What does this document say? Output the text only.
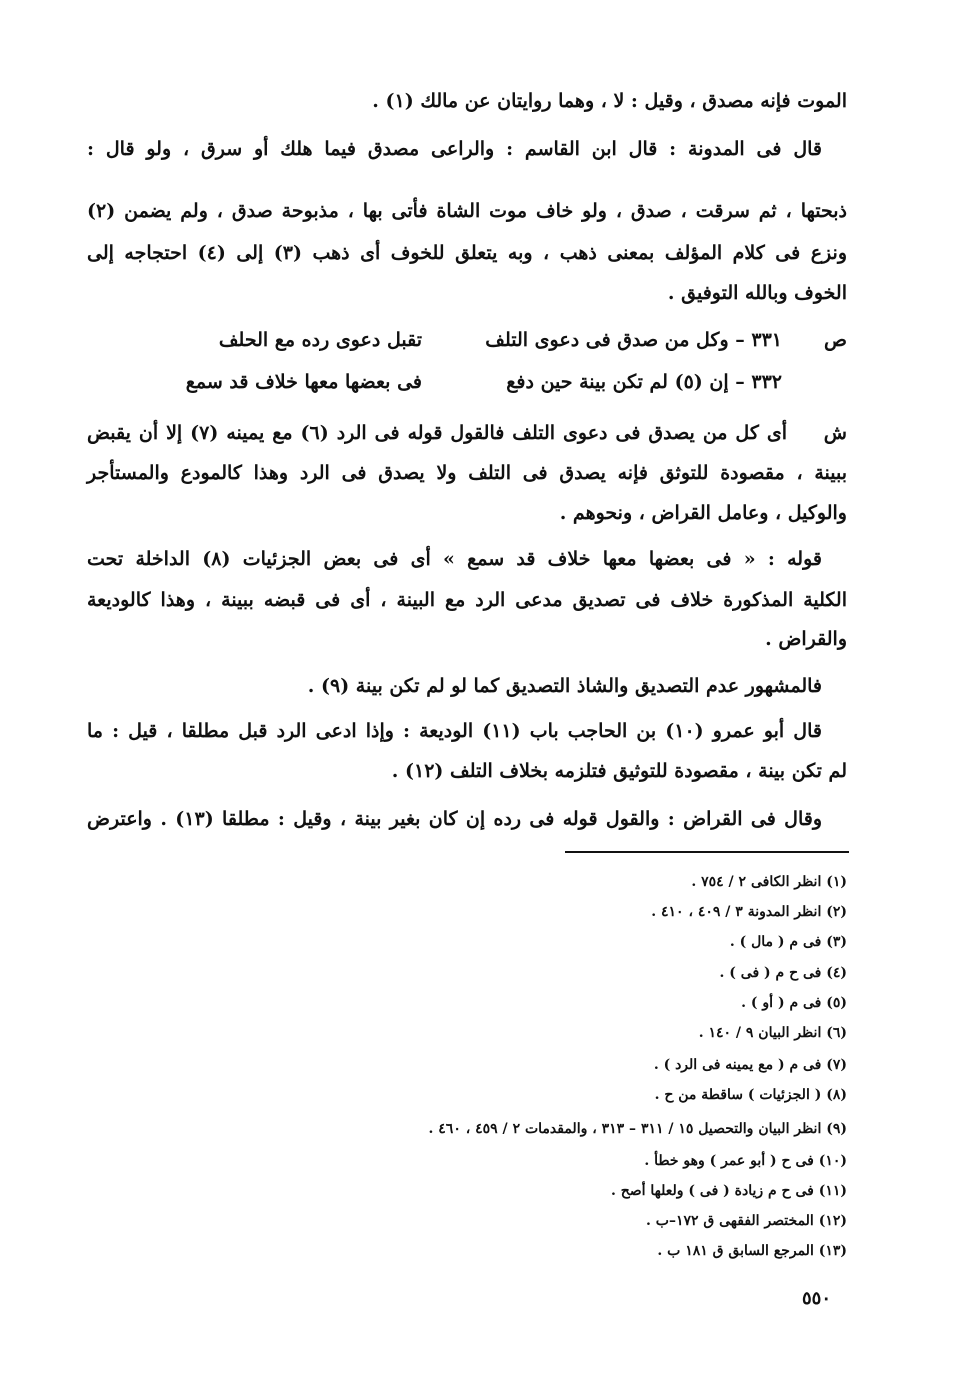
الموت فإنه مصدق ، وقيل : لا ، وهما روايتان عن مالك (١) .
قال فى المدونة : قال ابن القاسم : والراعى مصدق فيما هلك أو سرق ، ولو قال :
ذبحتها ، ثم سرقت ، صدق ، ولو خاف موت الشاة فأتى بها ، مذبوحة صدق ، ولم يضمن (٢)
ونزع فى كلام المؤلف بمعنى ذهب ، وبه يتعلق للخوف أى ذهب (٣) إلى (٤) احتجاجه إلى
الخوف وبالله التوفيق .
ص
٣٣١ – وكل من صدق فى دعوى التلف
تقبل دعوى رده مع الحلف
٣٣٢ – إن (٥) لم تكن بينة حين دفع
فى بعضها معها خلاف قد سمع
ش
أى كل من يصدق فى دعوى التلف فالقول قوله فى الرد (٦) مع يمينه (٧) إلا أن يقبض
ببينة ، مقصودة للتوثق فإنه يصدق فى التلف ولا يصدق فى الرد وهذا كالمودع والمستأجر
والوكيل ، وعامل القراض ، ونحوهم .
قوله : « فى بعضها معها خلاف قد سمع » أى فى بعض الجزئيات (٨) الداخلة تحت
الكلية المذكورة خلاف فى تصديق مدعى الرد مع البينة ، أى فى قبضه ببينة ، وهذا كالوديعة
والقراض .
فالمشهور عدم التصديق والشاذ التصديق كما لو لم تكن بينة (٩) .
قال أبو عمرو (١٠) بن الحاجب باب (١١) الوديعة : وإذا ادعى الرد قبل مطلقا ، قيل : ما
لم تكن بينة ، مقصودة للتوثيق فتلزمه بخلاف التلف (١٢) .
وقال فى القراض : والقول قوله فى رده إن كان بغير بينة ، وقيل : مطلقا (١٣) . واعترض
(١) انظر الكافى ٢ / ٧٥٤ .
(٢) انظر المدونة ٣ / ٤٠٩ ، ٤١٠ .
(٣) فى م ( مال ) .
(٤) فى ح م ( فى ) .
(٥) فى م ( أو ) .
(٦) انظر البيان ٩ / ١٤٠ .
(٧) فى م ( مع يمينه فى الرد ) .
(٨) ( الجزئيات ) ساقطة من ح .
(٩) انظر البيان والتحصيل ١٥ / ٣١١ – ٣١٣ ، والمقدمات ٢ / ٤٥٩ ، ٤٦٠ .
(١٠) فى ح ( أبو عمر ) وهو خطأ .
(١١) فى ح م زيادة ( فى ) ولعلها أصح .
(١٢) المختصر الفقهى ق ١٧٢–ب .
(١٣) المرجع السابق ق ١٨١ ب .
٥٥٠
